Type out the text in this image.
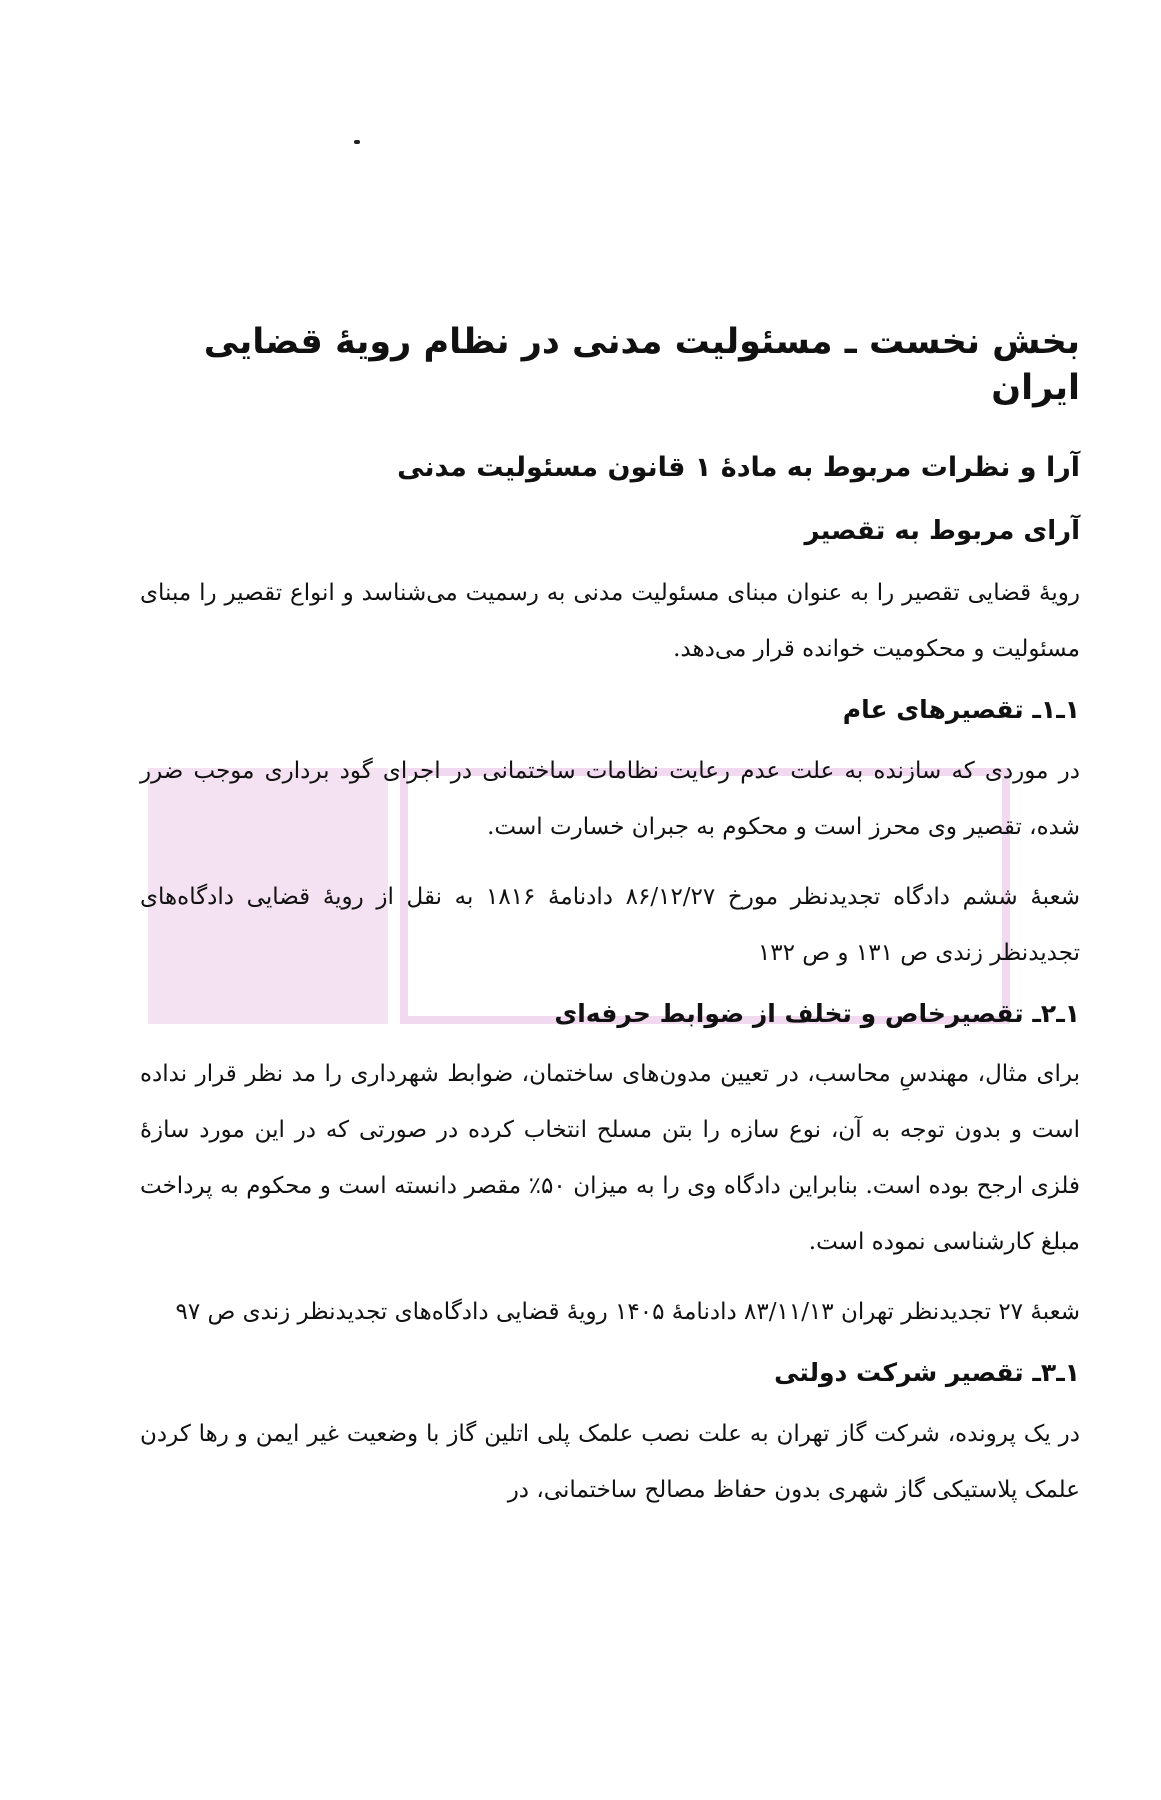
بخش نخست ـ مسئولیت مدنی در نظام رویهٔ قضایی ایران
آرا و نظرات مربوط به مادهٔ ۱ قانون مسئولیت مدنی
آرای مربوط به تقصیر

رویهٔ قضایی تقصیر را به عنوان مبنای مسئولیت مدنی به رسمیت می‌شناسد و انواع تقصیر را مبنای مسئولیت و محکومیت خوانده قرار می‌دهد.

۱ـ۱ـ تقصیرهای عام

در موردی که سازنده به علت عدم رعایت نظامات ساختمانی در اجرای گود برداری موجب ضرر شده، تقصیر وی محرز است و محکوم به جبران خسارت است.

شعبهٔ ششم دادگاه تجدیدنظر مورخ ۸۶/۱۲/۲۷ دادنامهٔ ۱۸۱۶ به نقل از رویهٔ قضایی دادگاه‌های تجدیدنظر زندی ص ۱۳۱ و ص ۱۳۲

۱ـ۲ـ تقصیرخاص و تخلف از ضوابط حرفه‌ای

برای مثال، مهندسِ محاسب، در تعیین مدون‌های ساختمان، ضوابط شهرداری را مد نظر قرار نداده است و بدون توجه به آن، نوع سازه را بتن مسلح انتخاب کرده در صورتی که در این مورد سازهٔ فلزی ارجح بوده است. بنابراین دادگاه وی را به میزان ۵۰٪ مقصر دانسته است و محکوم به پرداخت مبلغ کارشناسی نموده است.

شعبهٔ ۲۷ تجدیدنظر تهران ۸۳/۱۱/۱۳ دادنامهٔ ۱۴۰۵ رویهٔ قضایی دادگاه‌های تجدیدنظر زندی ص ۹۷

۱ـ۳ـ تقصیر شرکت دولتی

در یک پرونده، شرکت گاز تهران به علت نصب علمک پلی اتلین گاز با وضعیت غیر ایمن و رها کردن علمک پلاستیکی گاز شهری بدون حفاظ مصالح ساختمانی، در
